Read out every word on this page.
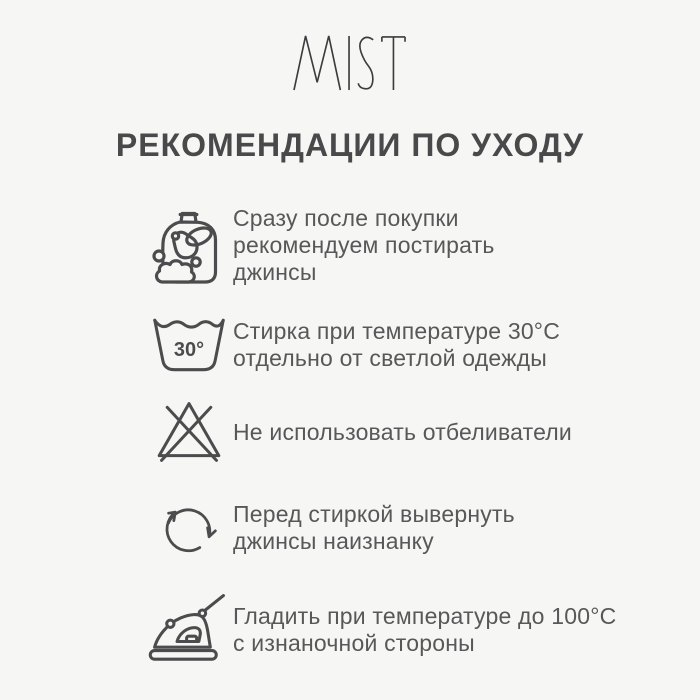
РЕКОМЕНДАЦИИ ПО УХОДУ
Сразу после покупки
рекомендуем постирать
джинсы
30°
Стирка при температуре 30°С
отдельно от светлой одежды
Не использовать отбеливатели
Перед стиркой вывернуть
джинсы наизнанку
Гладить при температуре до 100°С
с изнаночной стороны
